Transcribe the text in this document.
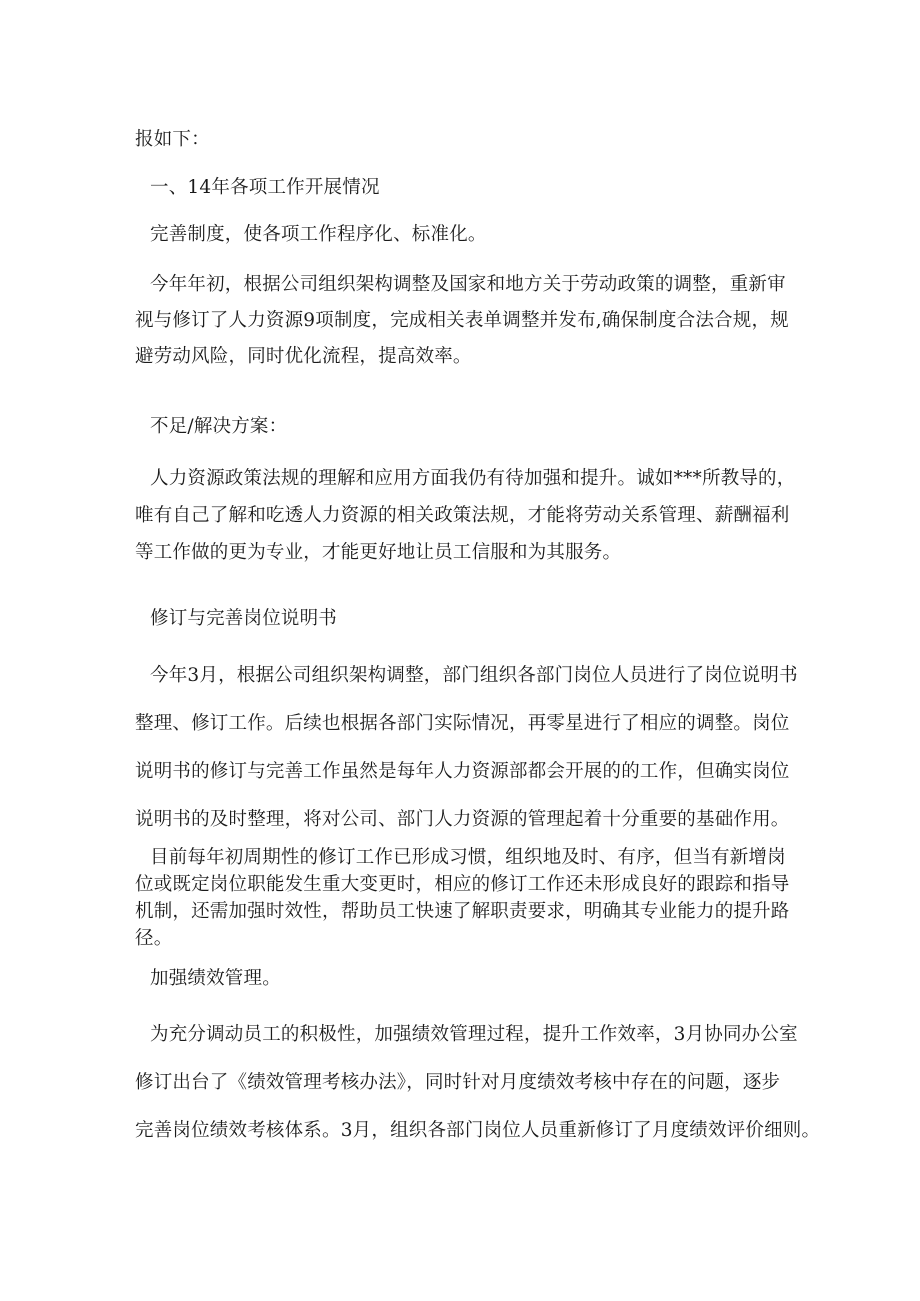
报如下：
一、14年各项工作开展情况
完善制度，使各项工作程序化、标准化。
今年年初，根据公司组织架构调整及国家和地方关于劳动政策的调整，重新审
视与修订了人力资源9项制度，完成相关表单调整并发布,确保制度合法合规，规
避劳动风险，同时优化流程，提高效率。
不足/解决方案：
人力资源政策法规的理解和应用方面我仍有待加强和提升。诚如***所教导的，
唯有自己了解和吃透人力资源的相关政策法规，才能将劳动关系管理、薪酬福利
等工作做的更为专业，才能更好地让员工信服和为其服务。
修订与完善岗位说明书
今年3月，根据公司组织架构调整，部门组织各部门岗位人员进行了岗位说明书
整理、修订工作。后续也根据各部门实际情况，再零星进行了相应的调整。岗位
说明书的修订与完善工作虽然是每年人力资源部都会开展的的工作，但确实岗位
说明书的及时整理，将对公司、部门人力资源的管理起着十分重要的基础作用。
目前每年初周期性的修订工作已形成习惯，组织地及时、有序，但当有新增岗
位或既定岗位职能发生重大变更时，相应的修订工作还未形成良好的跟踪和指导
机制，还需加强时效性，帮助员工快速了解职责要求，明确其专业能力的提升路
径。
加强绩效管理。
为充分调动员工的积极性，加强绩效管理过程，提升工作效率，3月协同办公室
修订出台了《绩效管理考核办法》，同时针对月度绩效考核中存在的问题，逐步
完善岗位绩效考核体系。3月，组织各部门岗位人员重新修订了月度绩效评价细则。
